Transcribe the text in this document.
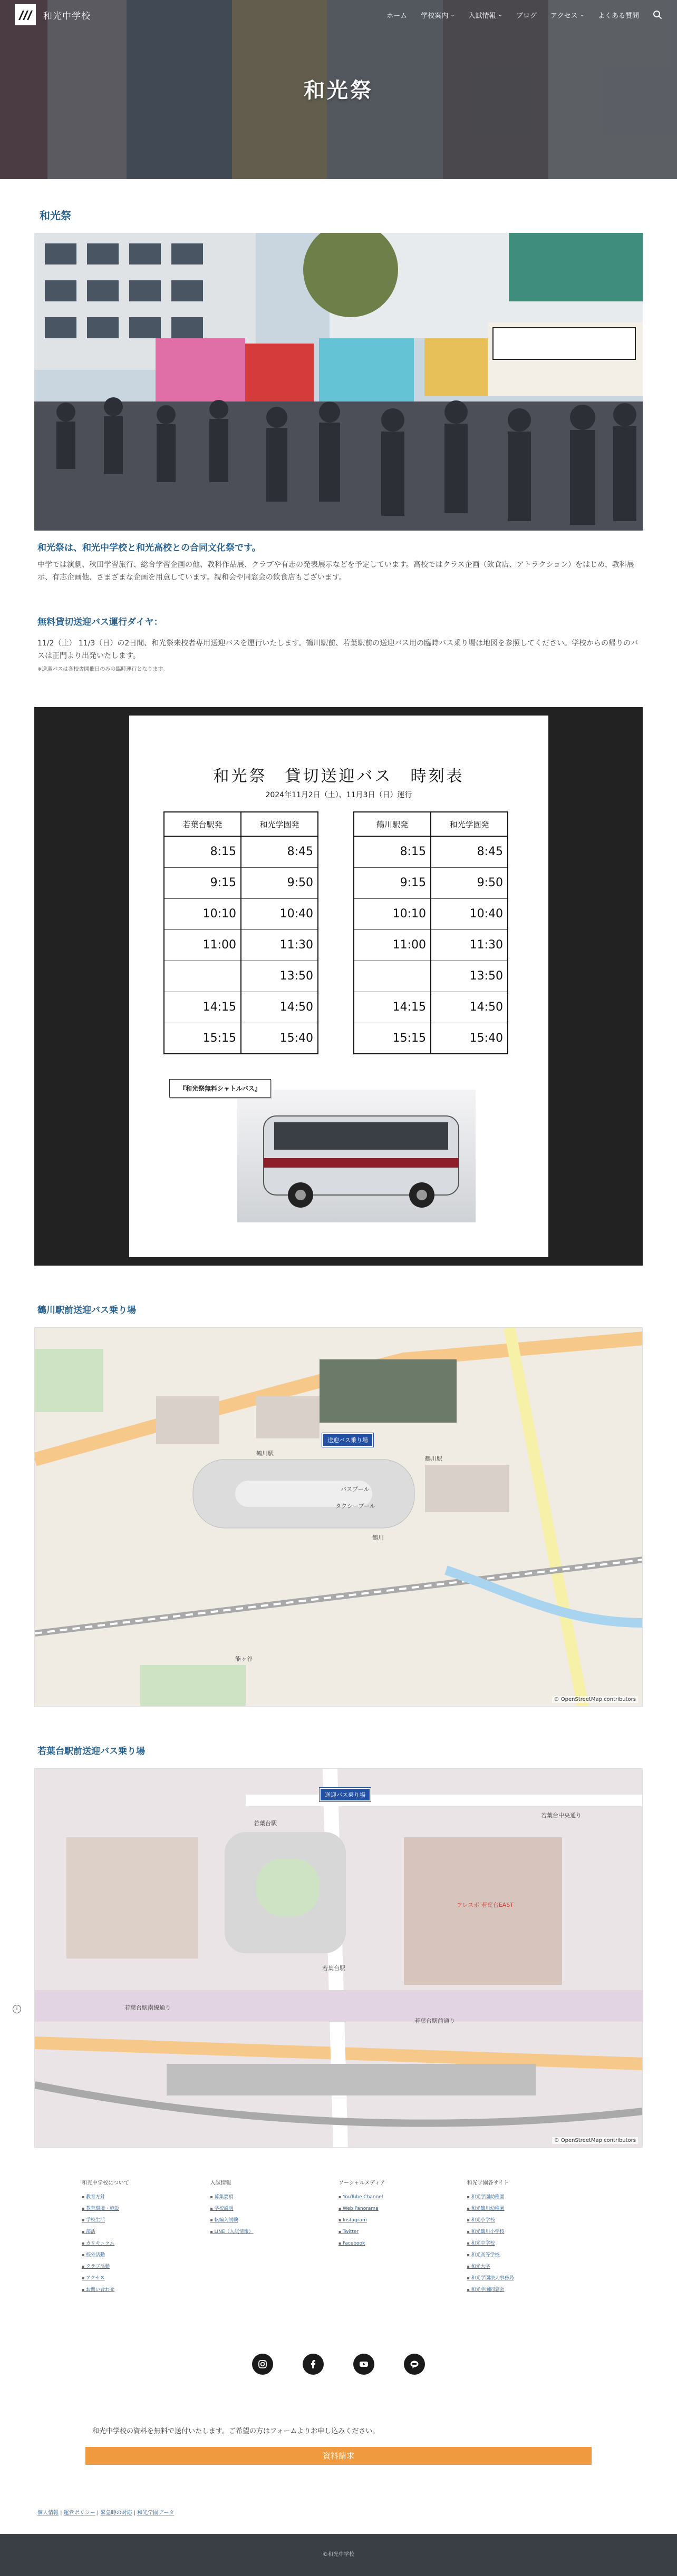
和光中学校	ホーム 学校案内 ⌄ 入試情報 ⌄ ブログ アクセス ⌄ よくある質問
和光祭
i
和光祭

和光祭は、和光中学校と和光高校との合同文化祭です。

中学では演劇、秋田学習旅行、総合学習企画の他、教科作品展、クラブや有志の発表展示などを予定しています。高校ではクラス企画（飲食店、アトラクション）をはじめ、教科展示、有志企画他、さまざまな企画を用意しています。親和会や同窓会の飲食店もございます。

無料貸切送迎バス運行ダイヤ：

11/2（土） 11/3（日）の2日間、和光祭来校者専用送迎バスを運行いたします。鶴川駅前、若葉駅前の送迎バス用の臨時バス乗り場は地図を参照してください。学校からの帰りのバスは正門より出発いたします。

※送迎バスは各校舎開催日のみの臨時運行となります。

和光祭　貸切送迎バス　時刻表
2024年11月2日（土）、11月3日（日）運行
若葉台駅発	和光学園発
8:15	8:45
9:15	9:50
10:10	10:40
11:00	11:30
	13:50
14:15	14:50
15:15	15:40
鶴川駅発	和光学園発
8:15	8:45
9:15	9:50
10:10	10:40
11:00	11:30
	13:50
14:15	14:50
15:15	15:40
『和光祭無料シャトルバス』
鶴川駅前送迎バス乗り場
送迎バス乗り場
鶴川駅
鶴川駅
鶴川
バスプール
タクシープール
能ヶ谷
© OpenStreetMap contributors
若葉台駅前送迎バス乗り場
送迎バス乗り場
若葉台駅
若葉台駅
フレスポ 若葉台EAST
若葉台駅南線通り
若葉台駅前通り
若葉台中央通り
© OpenStreetMap contributors
和光中学校について
▪ 教育方針
▪ 教育環境・施設
▪ 学校生活
▪ 部活
▪ カリキュラム
▪ 校外活動
▪ クラブ活動
▪ アクセス
▪ お問い合わせ
入試情報
▪ 募集要項
▪ 学校説明
▪ 転編入試験
▪ LINE（入試情報）
ソーシャルメディア
▪ YouTube Channel
▪ Web Panorama
▪ Instagram
▪ Twitter
▪ Facebook
和光学園各サイト
▪ 和光学園幼稚園
▪ 和光鶴川幼稚園
▪ 和光小学校
▪ 和光鶴川小学校
▪ 和光中学校
▪ 和光高等学校
▪ 和光大学
▪ 和光学園法人事務局
▪ 和光学園同窓会

和光中学校の資料を無料で送付いたします。ご希望の方はフォームよりお申し込みください。

資料請求
個人情報 | 運営ポリシー | 緊急時の対応 | 和光学園データ
©和光中学校
